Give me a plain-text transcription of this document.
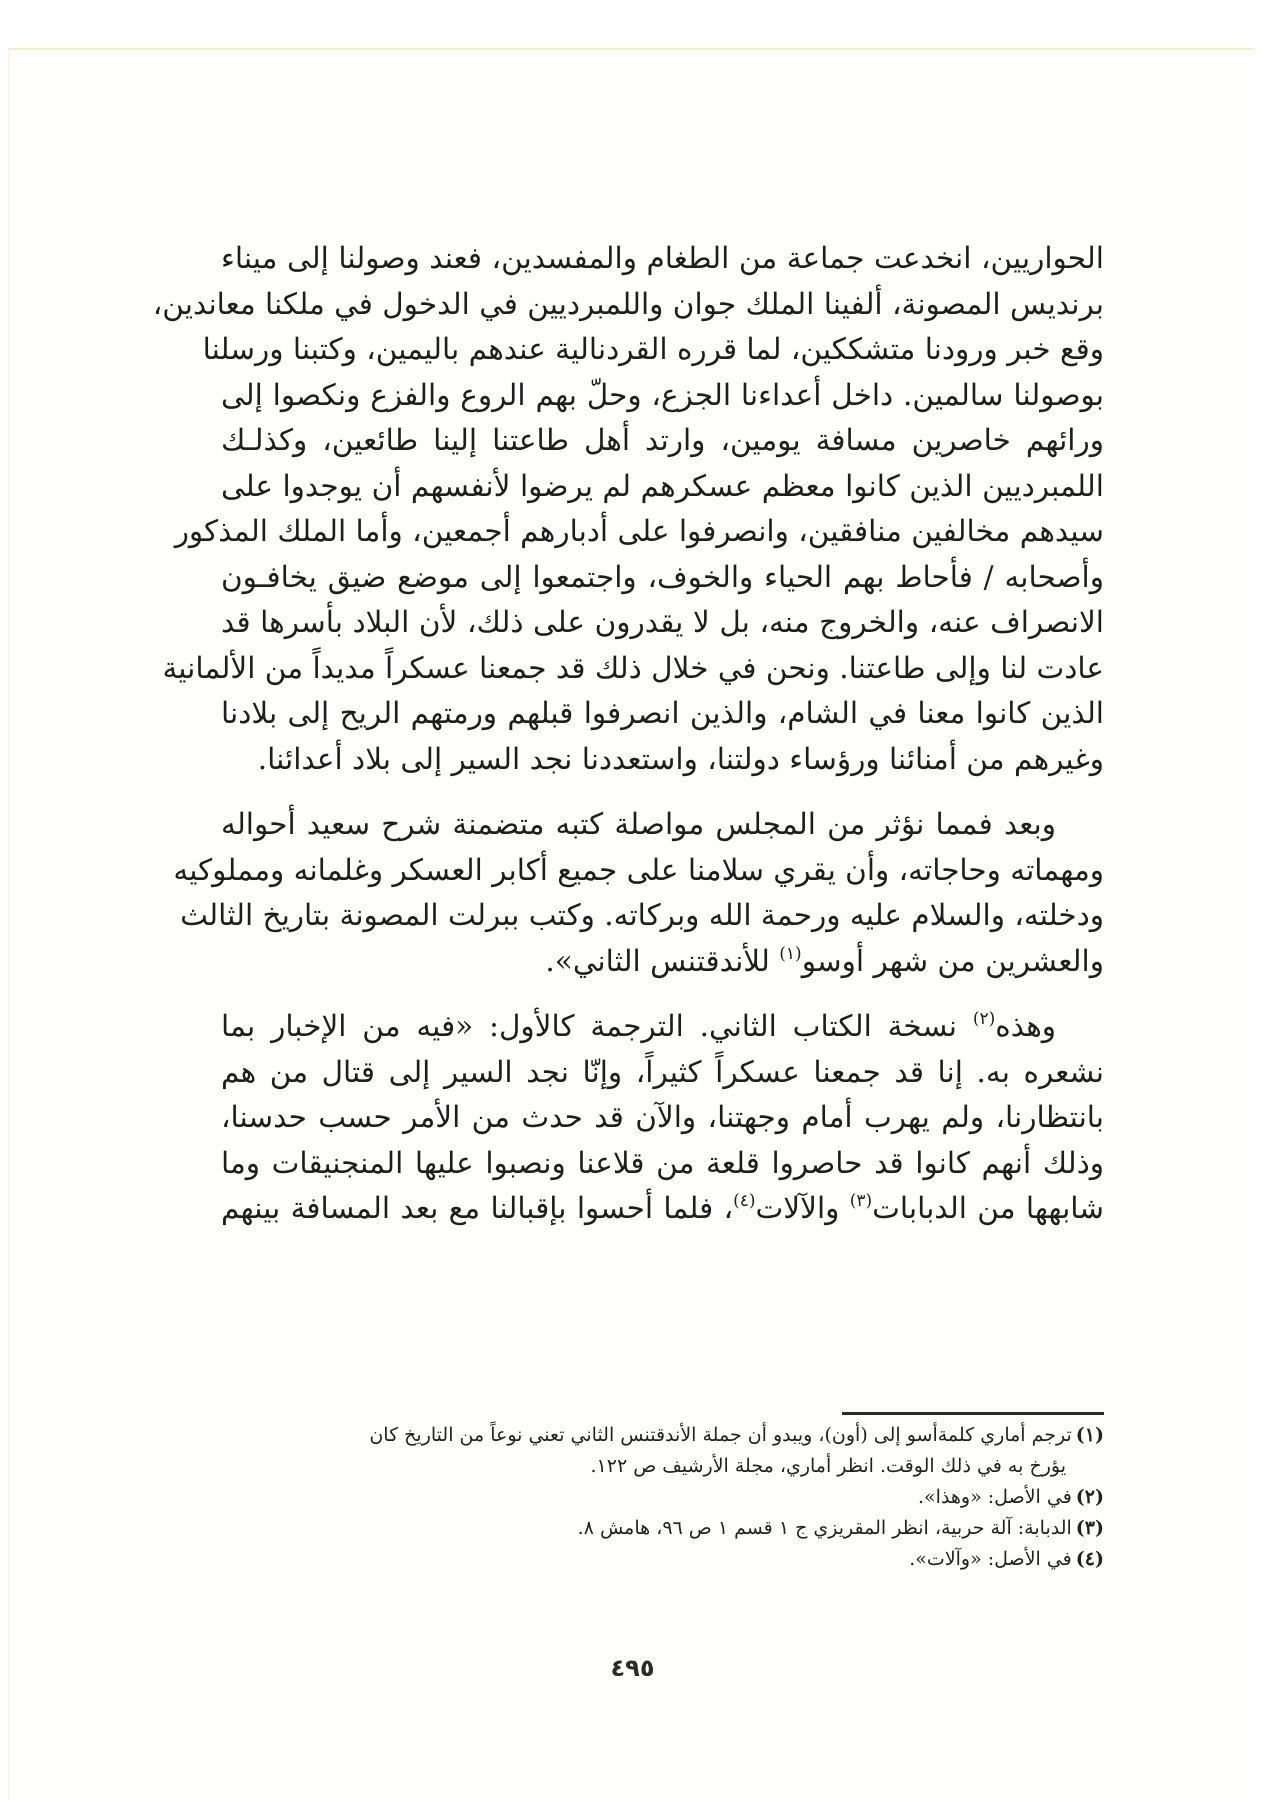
الحواريين، انخدعت جماعة من الطغام والمفسدين، فعند وصولنا إلى ميناء
برنديس المصونة، ألفينا الملك جوان واللمبرديين في الدخول في ملكنا معاندين،
وقع خبر ورودنا متشككين، لما قرره القردنالية عندهم باليمين، وكتبنا ورسلنا
بوصولنا سالمين. داخل أعداءنا الجزع، وحلّ بهم الروع والفزع ونكصوا إلى
ورائهم خاصرين مسافة يومين، وارتد أهل طاعتنا إلينا طائعين، وكذلـك
اللمبرديين الذين كانوا معظم عسكرهم لم يرضوا لأنفسهم أن يوجدوا على
سيدهم مخالفين منافقين، وانصرفوا على أدبارهم أجمعين، وأما الملك المذكور
وأصحابه / فأحاط بهم الحياء والخوف، واجتمعوا إلى موضع ضيق يخافـون
الانصراف عنه، والخروج منه، بل لا يقدرون على ذلك، لأن البلاد بأسرها قد
عادت لنا وإلى طاعتنا. ونحن في خلال ذلك قد جمعنا عسكراً مديداً من الألمانية
الذين كانوا معنا في الشام، والذين انصرفوا قبلهم ورمتهم الريح إلى بلادنا
وغيرهم من أمنائنا ورؤساء دولتنا، واستعددنا نجد السير إلى بلاد أعدائنا.

وبعد فمما نؤثر من المجلس مواصلة كتبه متضمنة شرح سعيد أحواله
ومهماته وحاجاته، وأن يقري سلامنا على جميع أكابر العسكر وغلمانه ومملوكيه
ودخلته، والسلام عليه ورحمة الله وبركاته. وكتب ببرلت المصونة بتاريخ الثالث
والعشرين من شهر أوسو$^{(١)}$ للأندقتنس الثاني».

وهذه$^{(٢)}$ نسخة الكتاب الثاني. الترجمة كالأول: «فيه من الإخبار بما
نشعره به. إنا قد جمعنا عسكراً كثيراً، وإنّا نجد السير إلى قتال من هم
بانتظارنا، ولم يهرب أمام وجهتنا، والآن قد حدث من الأمر حسب حدسنا،
وذلك أنهم كانوا قد حاصروا قلعة من قلاعنا ونصبوا عليها المنجنيقات وما
شابهها من الدبابات$^{(٣)}$ والآلات$^{(٤)}$، فلما أحسوا بإقبالنا مع بعد المسافة بينهم

(١)ترجم أماري كلمةأسو إلى (أون)، ويبدو أن جملة الأندقتنس الثاني تعني نوعاً من التاريخ كان
يؤرخ به في ذلك الوقت. انظر أماري، مجلة الأرشيف ص ١٢٢.

(٢)في الأصل: «وهذا».

(٣)الدبابة: آلة حربية، انظر المقريزي ج ١ قسم ١ ص ٩٦، هامش ٨.

(٤)في الأصل: «وآلات».

٤٩٥
